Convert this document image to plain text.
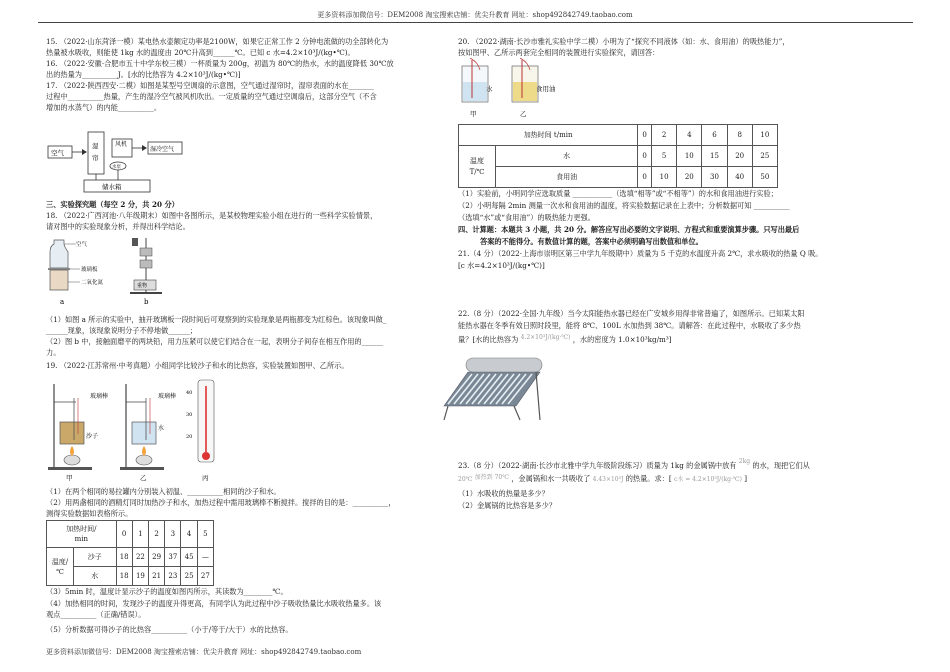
更多资料添加微信号：DEM2008 淘宝搜索店铺：优尖升教育 网址：shop492842749.taobao.com
15. （2022·山东菏泽一模）某电热水壶额定功率是2100W，如果它正常工作 2 分钟电流做的功全部转化为
热量被水吸收，则能使 1kg 水的温度由 20℃升高到______℃。已知 c 水=4.2×10³J/(kg•℃)。
16. （2022·安徽·合肥市五十中学东校三模）一杯质量为 200g，初温为 80℃的热水，水的温度降低 30℃放
出的热量为__________J。[水的比热容为 4.2×10³J/(kg•℃)]
17. （2022·陕西西安·二模）如图是某型号空调扇的示意图，空气通过湿帘时，湿帘表面的水在_______
过程中__________热量，产生的湿冷空气被风机吹出。一定质量的空气通过空调扇后，这部分空气（不含
增加的水蒸气）的内能__________。
空气
湿
帘
风机
水泵
湿冷空气
储水箱
三、实验探究题（每空 2 分，共 20 分）
18. （2022·广西河池·八年级期末）如图中各图所示，是某校物理实验小组在进行的一些科学实验情景，
请对图中的实验现象分析，并得出科学结论。
空气
玻璃板
二氧化氮
a
重物
b
（1）如图 a 所示的实验中，抽开玻璃板一段时间后可观察到的实验现象是两瓶都变为红棕色。该现象叫做_
______现象，该现象说明分子不停地做______；
（2）图 b 中，接触面磨平的两块铅，用力压紧可以使它们结合在一起，表明分子间存在相互作用的______
力。
19. （2022·江苏常州·中考真题）小组同学比较沙子和水的比热容，实验装置如图甲、乙所示。
玻璃棒
沙子
甲
玻璃棒
水
乙
40
30
20
丙
（1）在两个相同的易拉罐内分别装入初温、__________相同的沙子和水。
（2）用两盏相同的酒精灯同时加热沙子和水，加热过程中需用玻璃棒不断搅拌。搅拌的目的是：__________，
测得实验数据如表格所示。
加热时间/
min		0	1	2	3	4	5
温度/
℃	沙子	18	22	29	37	45	—
	水	18	19	21	23	25	27
（3）5min 时，温度计显示沙子的温度如图丙所示，其读数为________℃。
（4）加热相同的时间，发现沙子的温度升得更高，有同学认为此过程中沙子吸收热量比水吸收热量多。该
观点__________（正确/错误）。
（5）分析数据可得沙子的比热容__________（小于/等于/大于）水的比热容。
20. （2022·湖南·长沙市雅礼实验中学二模）小明为了“探究不同液体（如：水、食用油）的吸热能力”，
按如图甲、乙所示两套完全相同的装置进行实验探究，请回答：
水
甲
食用油
乙
加热时间 t/min		0	2	4	6	8	10
温度
T/℃	水	0	5	10	15	20	25
	食用油	0	10	20	30	40	50
（1）实验前，小明同学应选取质量 ___________（选填“相等”或“不相等”）的水和食用油进行实验；
（2）小明每隔 2min 测量一次水和食用油的温度，将实验数据记录在上表中；分析数据可知 __________
（选填“水”或“食用油”）的吸热能力更强。
四、计算题：本题共 3 小题，共 20 分。解答应写出必要的文字说明、方程式和重要演算步骤。只写出最后
答案的不能得分。有数值计算的题，答案中必须明确写出数值和单位。
21.（4 分）（2022·上海市崇明区第三中学九年级期中）质量为 5 千克的水温度升高 2℃，求水吸收的热量 Q 吸。
[c 水=4.2×10³J/(kg•℃)]
22.（8 分）（2022·全国·九年级）当今太阳能热水器已经在广安城乡用得非常普遍了，如图所示。已知某太阳
能热水器在冬季有效日照时段里，能将 8℃、100L 水加热到 38℃。请解答：在此过程中，水吸收了多少热
量？[水的比热容为 $^{4.2\times 10^3J/(kg\cdot℃)}$ ，水的密度为 1.0×10³kg/m³]
23.（8 分）（2022·湖南·长沙市北雅中学九年级阶段练习）质量为 1kg 的金属锅中放有 $^{2kg}$ 的水，现把它们从
20℃ $^{加热到 70℃}$ ，金属锅和水一共吸收了 4.43×10⁵J 的热量。求：[ c水 = 4.2×10³J/(kg·℃) ]
（1）水吸收的热量是多少？
（2）金属锅的比热容是多少？
更多资料添加微信号：DEM2008 淘宝搜索店铺：优尖升教育 网址：shop492842749.taobao.com
